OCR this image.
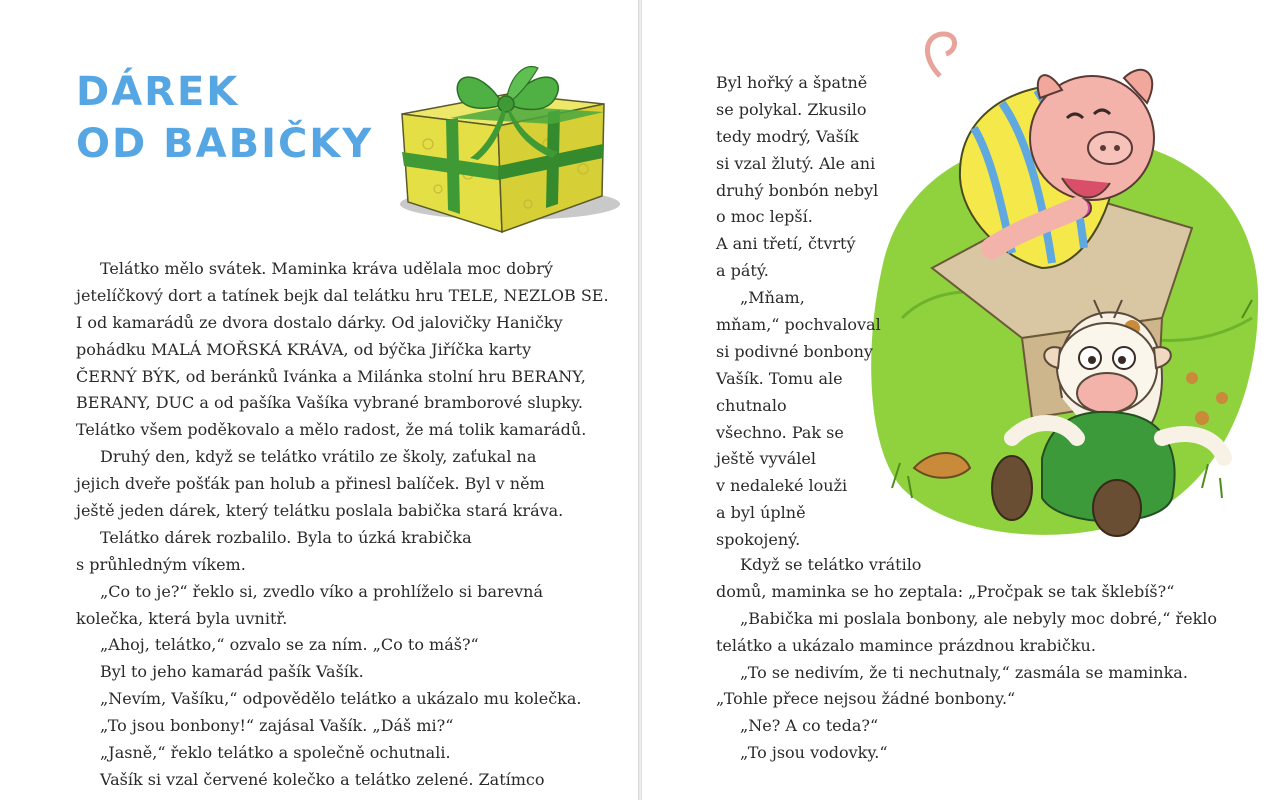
DÁREK
OD BABIČKY
Telátko mělo svátek. Maminka kráva udělala moc dobrý
jetelíčkový dort a tatínek bejk dal telátku hru TELE, NEZLOB SE.
I od kamarádů ze dvora dostalo dárky. Od jalovičky Haničky
pohádku MALÁ MOŘSKÁ KRÁVA, od býčka Jiříčka karty
ČERNÝ BÝK, od beránků Ivánka a Milánka stolní hru BERANY,
BERANY, DUC a od pašíka Vašíka vybrané bramborové slupky.
Telátko všem poděkovalo a mělo radost, že má tolik kamarádů.
Druhý den, když se telátko vrátilo ze školy, zaťukal na
jejich dveře pošťák pan holub a přinesl balíček. Byl v něm
ještě jeden dárek, který telátku poslala babička stará kráva.
Telátko dárek rozbalilo. Byla to úzká krabička
s průhledným víkem.
„Co to je?“ řeklo si, zvedlo víko a prohlíželo si barevná
kolečka, která byla uvnitř.
„Ahoj, telátko,“ ozvalo se za ním. „Co to máš?“
Byl to jeho kamarád pašík Vašík.
„Nevím, Vašíku,“ odpovědělo telátko a ukázalo mu kolečka.
„To jsou bonbony!“ zajásal Vašík. „Dáš mi?“
„Jasně,“ řeklo telátko a společně ochutnali.
Vašík si vzal červené kolečko a telátko zelené. Zatímco
Byl hořký a špatně
se polykal. Zkusilo
tedy modrý, Vašík
si vzal žlutý. Ale ani
druhý bonbón nebyl
o moc lepší.
A ani třetí, čtvrtý
a pátý.
„Mňam,
mňam,“ pochvaloval
si podivné bonbony
Vašík. Tomu ale
chutnalo
všechno. Pak se
ještě vyválel
v nedaleké louži
a byl úplně
spokojený.
Když se telátko vrátilo
domů, maminka se ho zeptala: „Pročpak se tak šklebíš?“
„Babička mi poslala bonbony, ale nebyly moc dobré,“ řeklo
telátko a ukázalo mamince prázdnou krabičku.
„To se nedivím, že ti nechutnaly,“ zasmála se maminka.
„Tohle přece nejsou žádné bonbony.“
„Ne? A co teda?“
„To jsou vodovky.“
